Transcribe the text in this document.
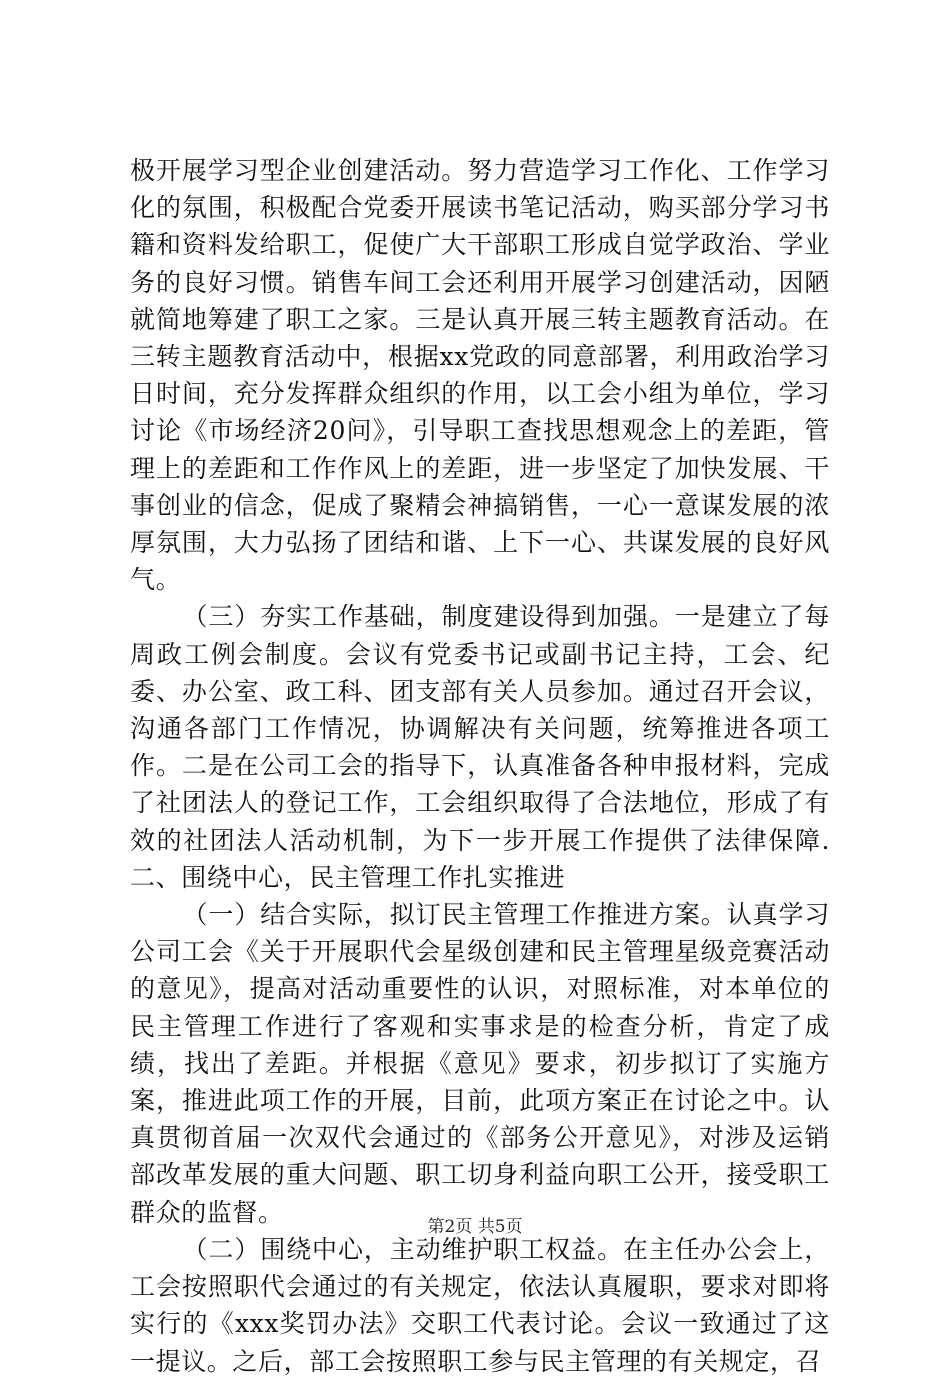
极开展学习型企业创建活动。努力营造学习工作化、工作学习化的氛围，积极配合党委开展读书笔记活动，购买部分学习书籍和资料发给职工，促使广大干部职工形成自觉学政治、学业务的良好习惯。销售车间工会还利用开展学习创建活动，因陋就简地筹建了职工之家。三是认真开展三转主题教育活动。在三转主题教育活动中，根据xx党政的同意部署，利用政治学习日时间，充分发挥群众组织的作用，以工会小组为单位，学习讨论《市场经济20问》，引导职工查找思想观念上的差距，管理上的差距和工作作风上的差距，进一步坚定了加快发展、干事创业的信念，促成了聚精会神搞销售，一心一意谋发展的浓厚氛围，大力弘扬了团结和谐、上下一心、共谋发展的良好风气。

（三）夯实工作基础，制度建设得到加强。一是建立了每周政工例会制度。会议有党委书记或副书记主持，工会、纪委、办公室、政工科、团支部有关人员参加。通过召开会议，沟通各部门工作情况，协调解决有关问题，统筹推进各项工作。二是在公司工会的指导下，认真准备各种申报材料，完成了社团法人的登记工作，工会组织取得了合法地位，形成了有效的社团法人活动机制，为下一步开展工作提供了法律保障.二、围绕中心，民主管理工作扎实推进

（一）结合实际，拟订民主管理工作推进方案。认真学习公司工会《关于开展职代会星级创建和民主管理星级竞赛活动的意见》，提高对活动重要性的认识，对照标准，对本单位的民主管理工作进行了客观和实事求是的检查分析，肯定了成绩，找出了差距。并根据《意见》要求，初步拟订了实施方案，推进此项工作的开展，目前，此项方案正在讨论之中。认真贯彻首届一次双代会通过的《部务公开意见》，对涉及运销部改革发展的重大问题、职工切身利益向职工公开，接受职工群众的监督。

（二）围绕中心，主动维护职工权益。在主任办公会上，工会按照职代会通过的有关规定，依法认真履职，要求对即将实行的《xxx奖罚办法》交职工代表讨论。会议一致通过了这一提议。之后，部工会按照职工参与民主管理的有关规定，召

第2页 共5页
